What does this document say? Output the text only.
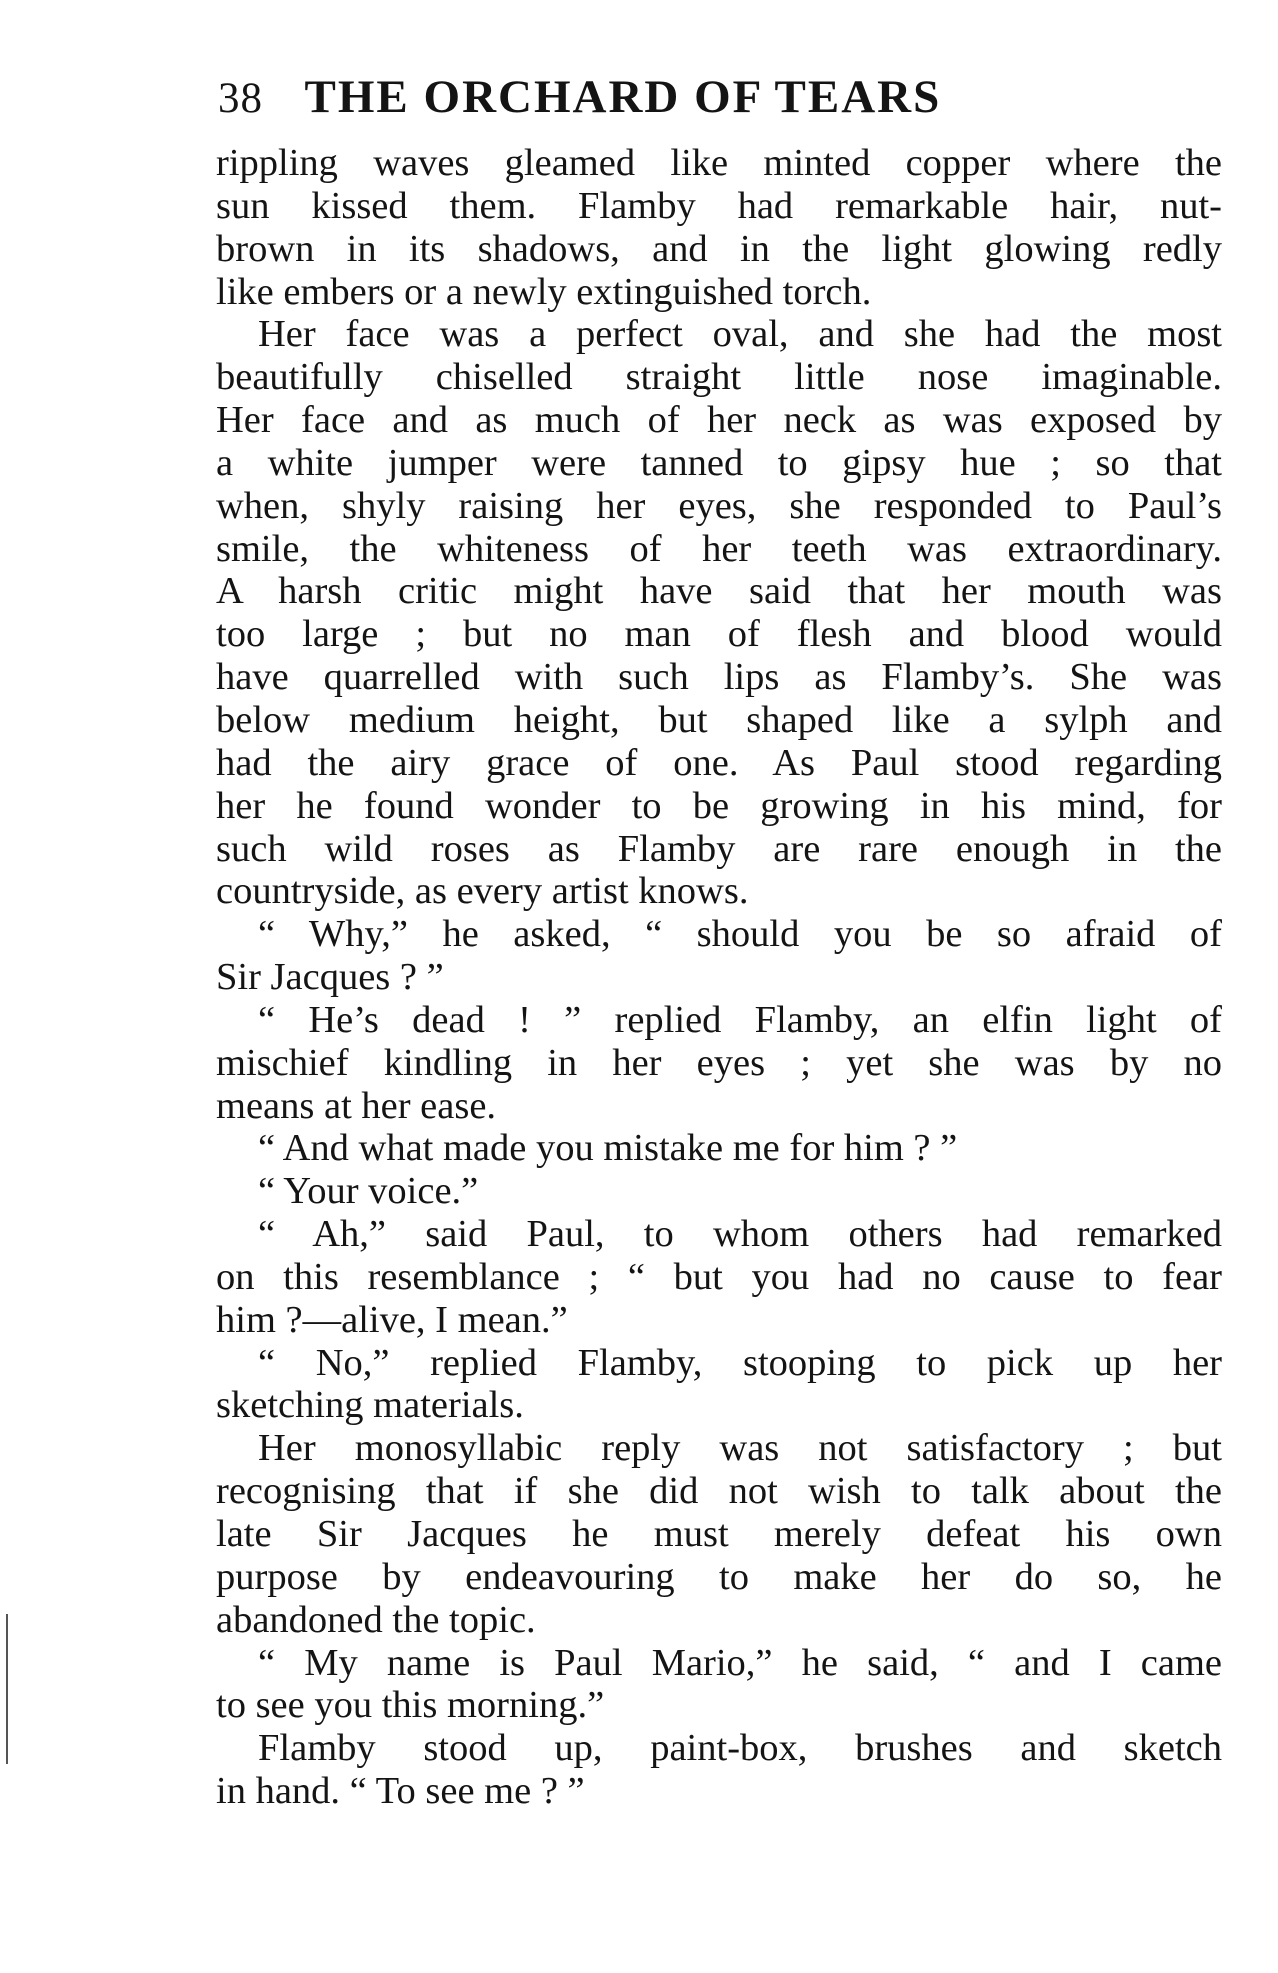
38 THE ORCHARD OF TEARS
rippling waves gleamed like minted copper where the
sun kissed them. Flamby had remarkable hair, nut-
brown in its shadows, and in the light glowing redly
like embers or a newly extinguished torch.
Her face was a perfect oval, and she had the most
beautifully chiselled straight little nose imaginable.
Her face and as much of her neck as was exposed by
a white jumper were tanned to gipsy hue ; so that
when, shyly raising her eyes, she responded to Paul’s
smile, the whiteness of her teeth was extraordinary.
A harsh critic might have said that her mouth was
too large ; but no man of flesh and blood would
have quarrelled with such lips as Flamby’s. She was
below medium height, but shaped like a sylph and
had the airy grace of one. As Paul stood regarding
her he found wonder to be growing in his mind, for
such wild roses as Flamby are rare enough in the
countryside, as every artist knows.
“ Why,” he asked, “ should you be so afraid of
Sir Jacques ? ”
“ He’s dead ! ” replied Flamby, an elfin light of
mischief kindling in her eyes ; yet she was by no
means at her ease.
“ And what made you mistake me for him ? ”
“ Your voice.”
“ Ah,” said Paul, to whom others had remarked
on this resemblance ; “ but you had no cause to fear
him ?—alive, I mean.”
“ No,” replied Flamby, stooping to pick up her
sketching materials.
Her monosyllabic reply was not satisfactory ; but
recognising that if she did not wish to talk about the
late Sir Jacques he must merely defeat his own
purpose by endeavouring to make her do so, he
abandoned the topic.
“ My name is Paul Mario,” he said, “ and I came
to see you this morning.”
Flamby stood up, paint-box, brushes and sketch
in hand. “ To see me ? ”
